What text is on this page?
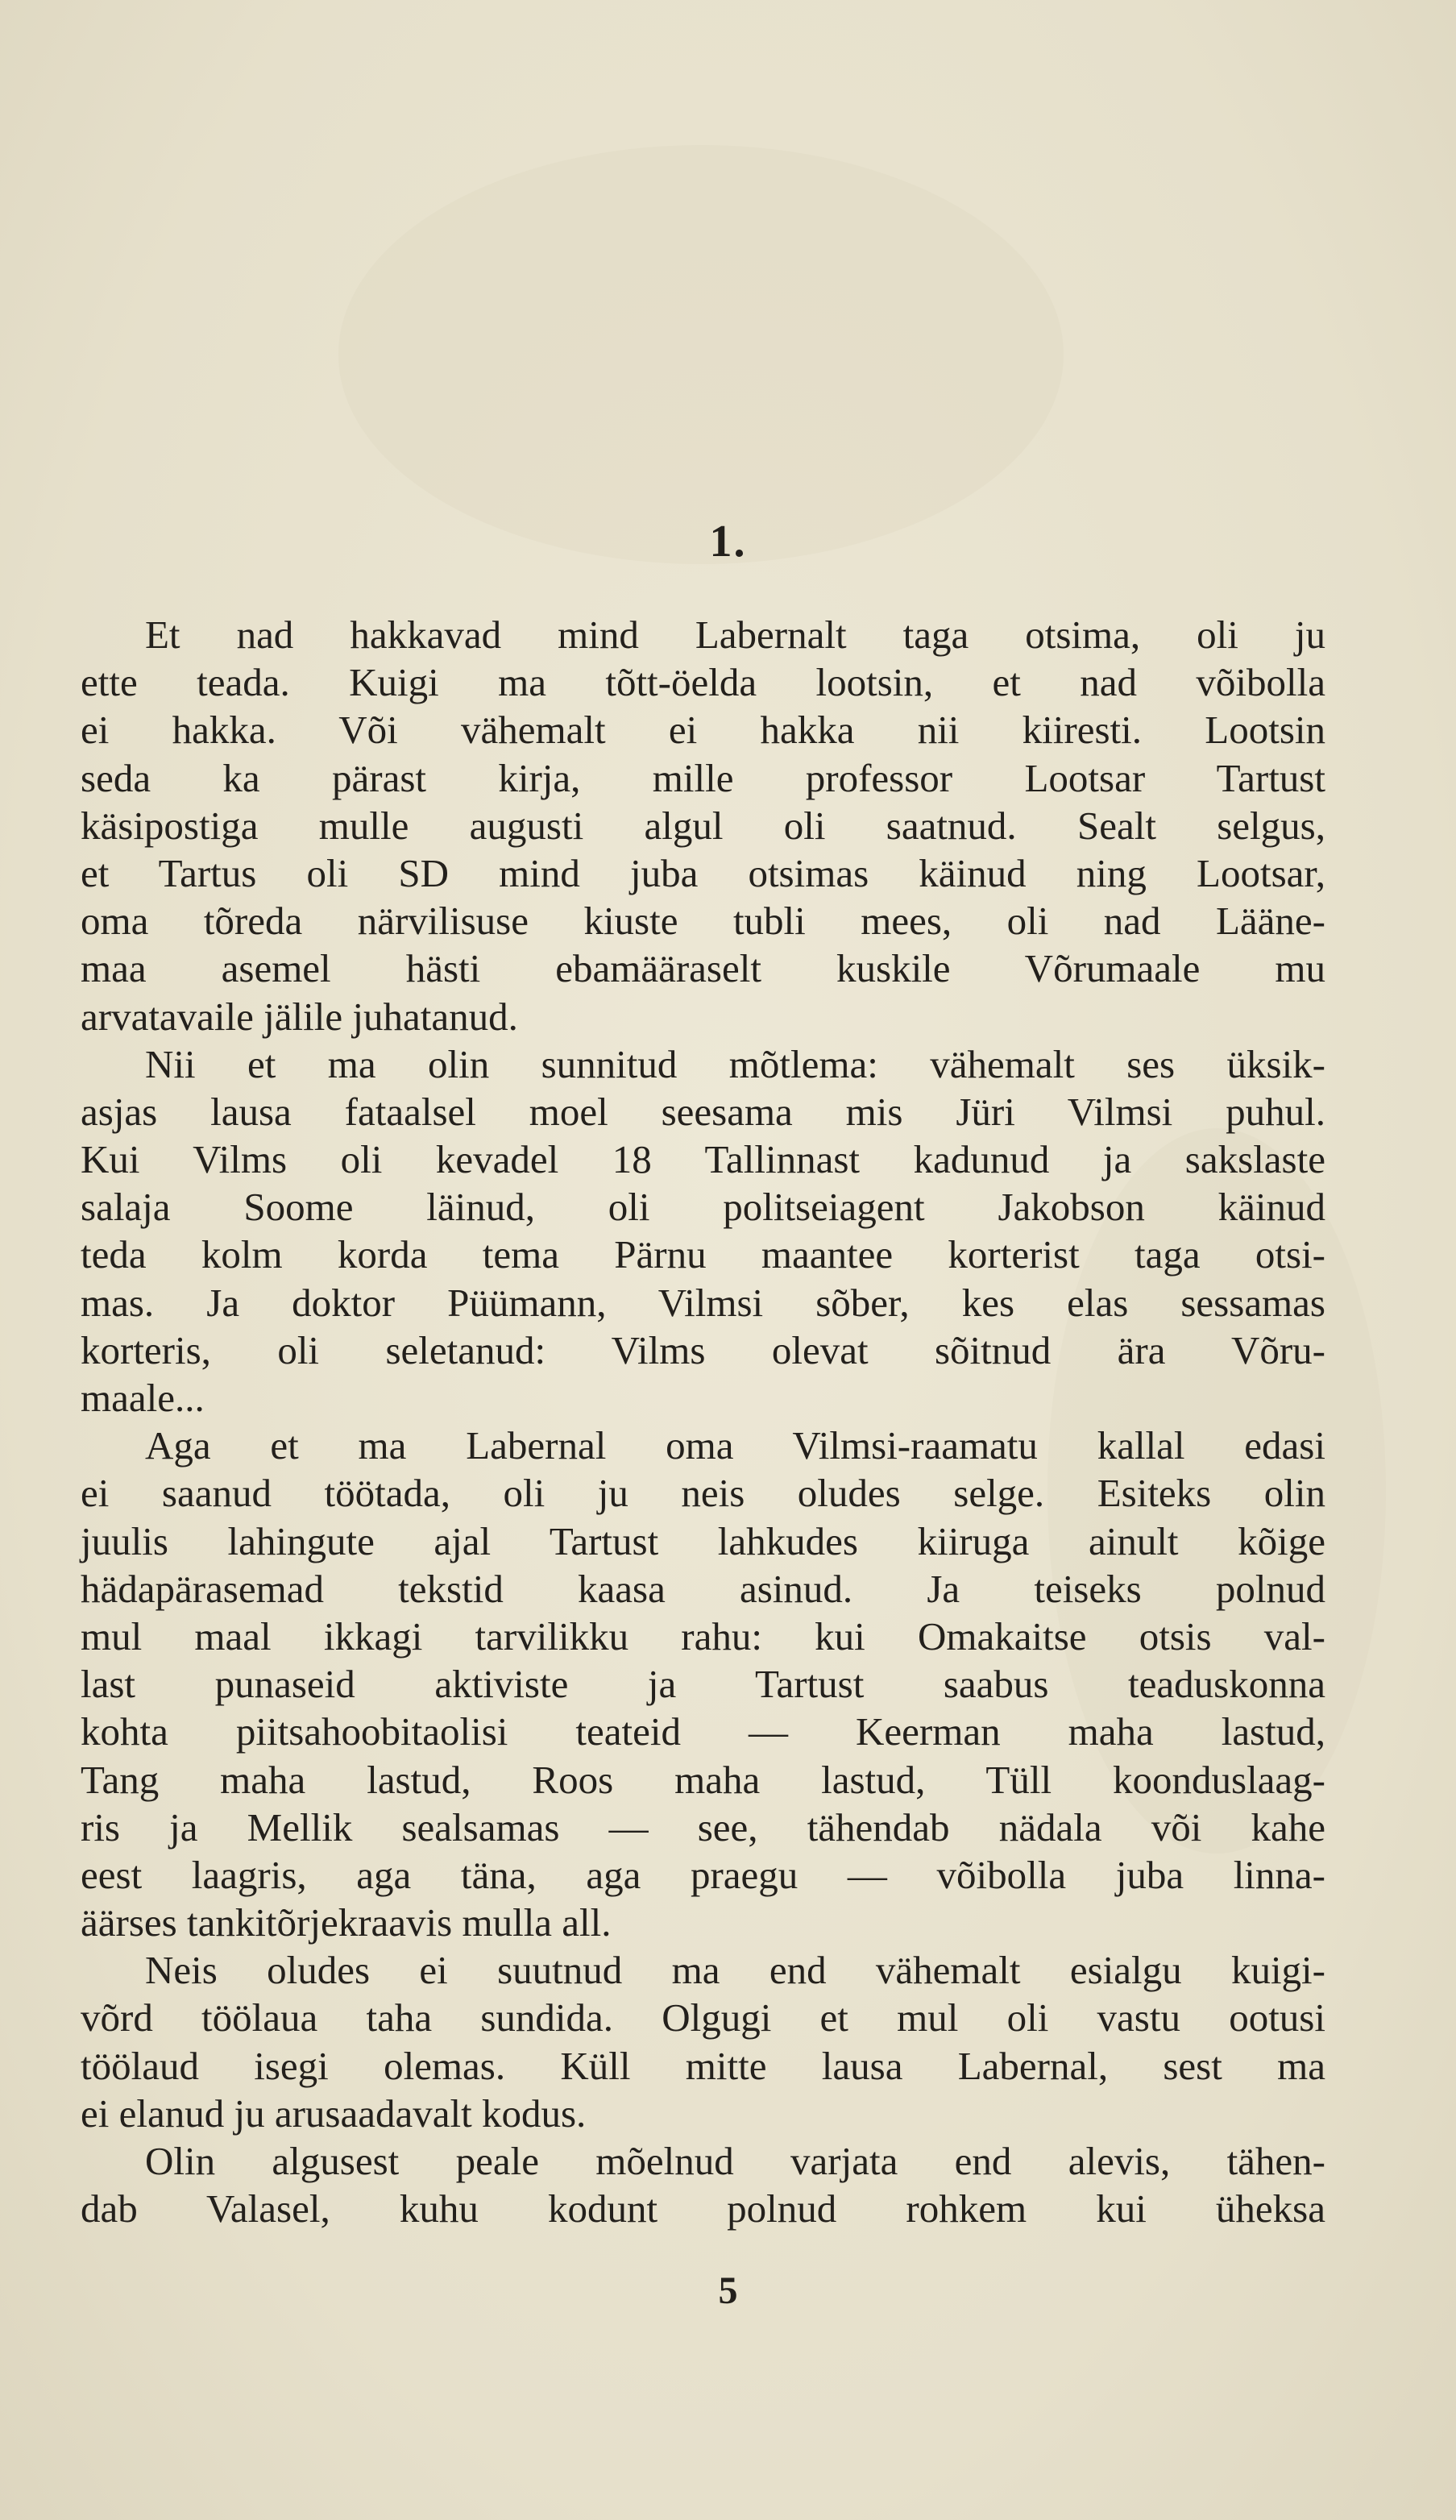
1.
Et nad hakkavad mind Labernalt taga otsima, oli ju
ette teada. Kuigi ma tõtt-öelda lootsin, et nad võibolla
ei hakka. Või vähemalt ei hakka nii kiiresti. Lootsin
seda ka pärast kirja, mille professor Lootsar Tartust
käsipostiga mulle augusti algul oli saatnud. Sealt selgus,
et Tartus oli SD mind juba otsimas käinud ning Lootsar,
oma tõreda närvilisuse kiuste tubli mees, oli nad Lääne-
maa asemel hästi ebamääraselt kuskile Võrumaale mu
arvatavaile jälile juhatanud.
Nii et ma olin sunnitud mõtlema: vähemalt ses üksik-
asjas lausa fataalsel moel seesama mis Jüri Vilmsi puhul.
Kui Vilms oli kevadel 18 Tallinnast kadunud ja sakslaste
salaja Soome läinud, oli politseiagent Jakobson käinud
teda kolm korda tema Pärnu maantee korterist taga otsi-
mas. Ja doktor Püümann, Vilmsi sõber, kes elas sessamas
korteris, oli seletanud: Vilms olevat sõitnud ära Võru-
maale...
Aga et ma Labernal oma Vilmsi-raamatu kallal edasi
ei saanud töötada, oli ju neis oludes selge. Esiteks olin
juulis lahingute ajal Tartust lahkudes kiiruga ainult kõige
hädapärasemad tekstid kaasa asinud. Ja teiseks polnud
mul maal ikkagi tarvilikku rahu: kui Omakaitse otsis val-
last punaseid aktiviste ja Tartust saabus teaduskonna
kohta piitsahoobitaolisi teateid — Keerman maha lastud,
Tang maha lastud, Roos maha lastud, Tüll koonduslaag-
ris ja Mellik sealsamas — see, tähendab nädala või kahe
eest laagris, aga täna, aga praegu — võibolla juba linna-
äärses tankitõrjekraavis mulla all.
Neis oludes ei suutnud ma end vähemalt esialgu kuigi-
võrd töölaua taha sundida. Olgugi et mul oli vastu ootusi
töölaud isegi olemas. Küll mitte lausa Labernal, sest ma
ei elanud ju arusaadavalt kodus.
Olin algusest peale mõelnud varjata end alevis, tähen-
dab Valasel, kuhu kodunt polnud rohkem kui üheksa
5
